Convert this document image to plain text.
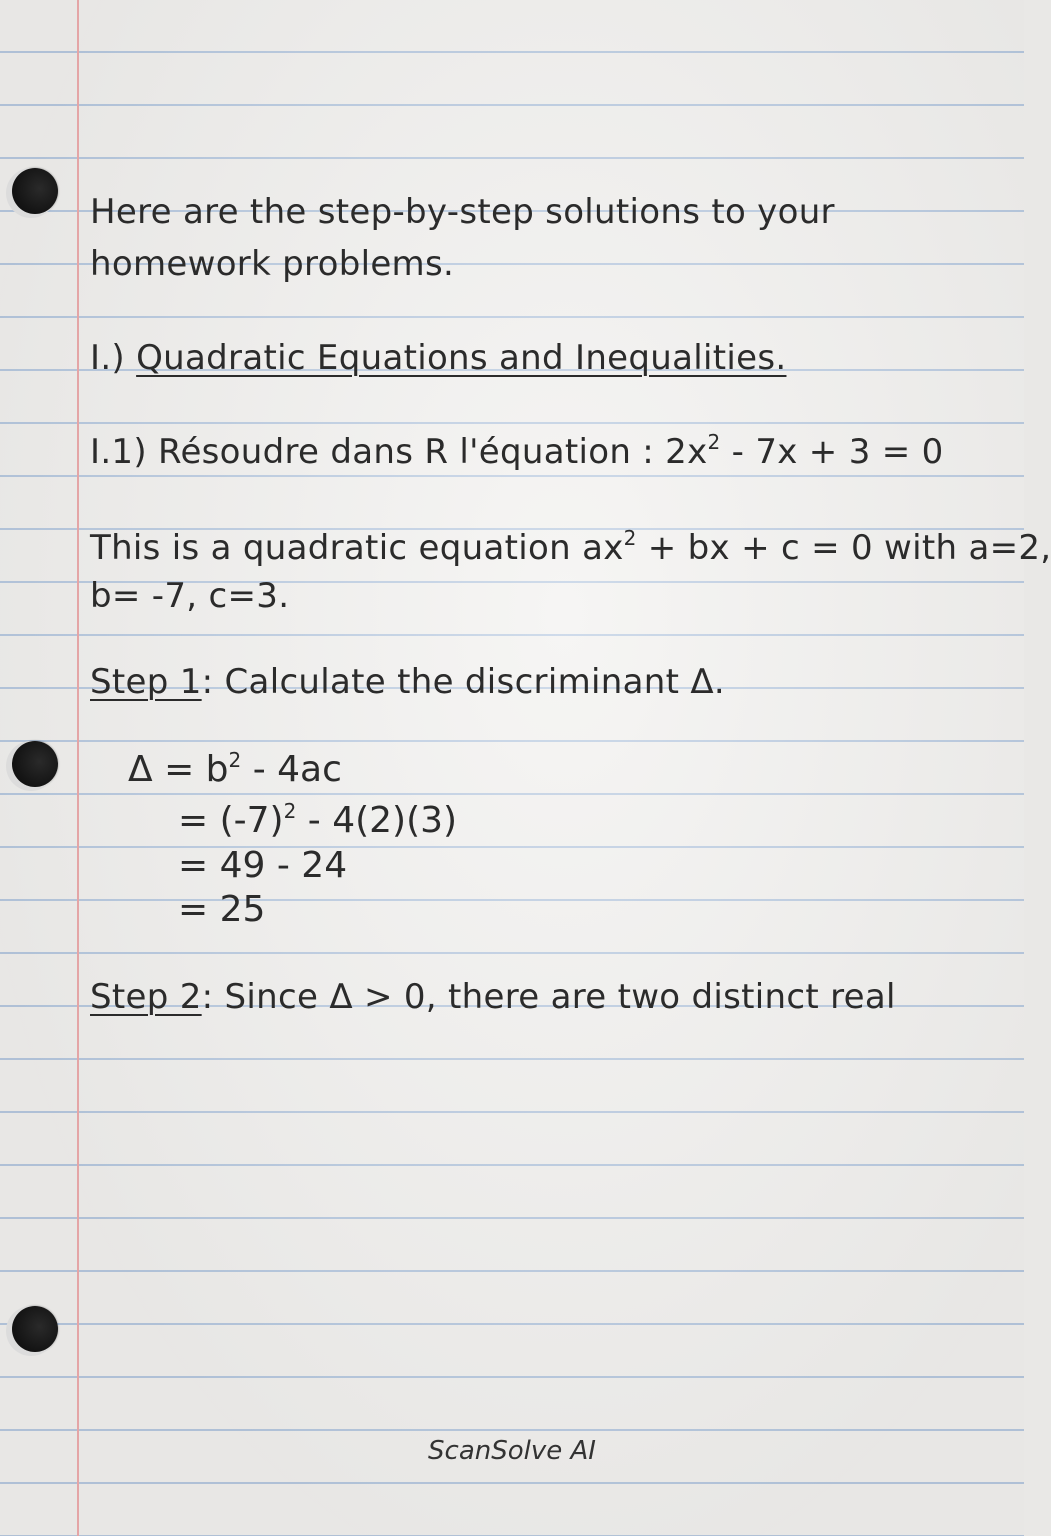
Here are the step-by-step solutions to your
homework problems.
I.) Quadratic Equations and Inequalities.
I.1) Résoudre dans R l'équation : $2x^2 - 7x + 3 = 0$
This is a quadratic equation $ax^2$ + bx + c = 0 with a=2,
b= -7, c=3.
Step 1: Calculate the discriminant Δ.
$\Delta = b^2 - 4ac$
= $(-7)^2 - 4(2)(3)$
= 49 - 24
= 25
Step 2: Since Δ > 0, there are two distinct real
ScanSolve AI
